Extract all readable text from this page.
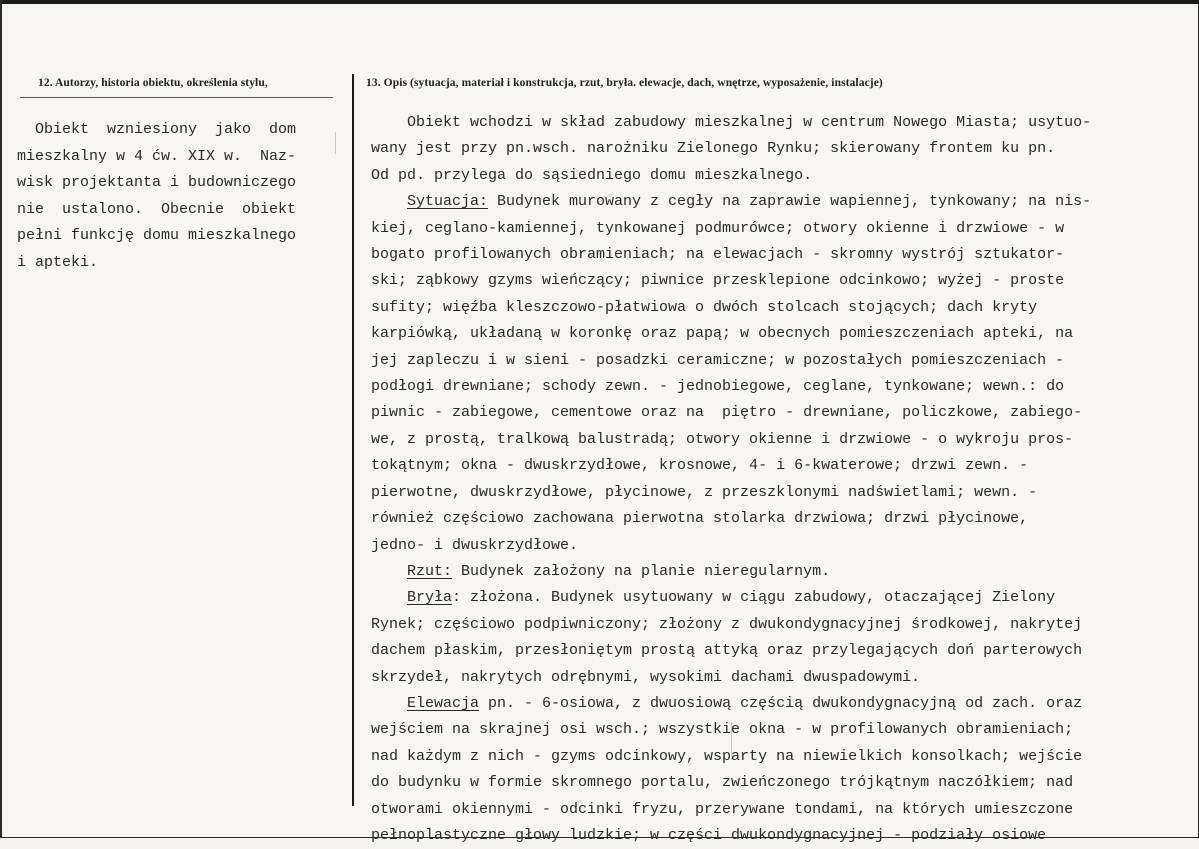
12. Autorzy, historia obiektu, określenia stylu,	13. Opis (sytuacja, materiał i konstrukcja, rzut, bryła. elewacje, dach, wnętrze, wyposażenie, instalacje)
Obiekt  wzniesiony  jako  dom
mieszkalny w 4 ćw. XIX w.  Naz-
wisk projektanta i budowniczego
nie  ustalono.  Obecnie  obiekt
pełni funkcję domu mieszkalnego
i apteki.
Obiekt wchodzi w skład zabudowy mieszkalnej w centrum Nowego Miasta; usytuo-
wany jest przy pn.wsch. narożniku Zielonego Rynku; skierowany frontem ku pn.
Od pd. przylega do sąsiedniego domu mieszkalnego.
Sytuacja: Budynek murowany z cegły na zaprawie wapiennej, tynkowany; na nis-
kiej, ceglano-kamiennej, tynkowanej podmurówce; otwory okienne i drzwiowe - w
bogato profilowanych obramieniach; na elewacjach - skromny wystrój sztukator-
ski; ząbkowy gzyms wieńczący; piwnice przesklepione odcinkowo; wyżej - proste
sufity; więźba kleszczowo-płatwiowa o dwóch stolcach stojących; dach kryty
karpiówką, układaną w koronkę oraz papą; w obecnych pomieszczeniach apteki, na
jej zapleczu i w sieni - posadzki ceramiczne; w pozostałych pomieszczeniach -
podłogi drewniane; schody zewn. - jednobiegowe, ceglane, tynkowane; wewn.: do
piwnic - zabiegowe, cementowe oraz na  piętro - drewniane, policzkowe, zabiego-
we, z prostą, tralkową balustradą; otwory okienne i drzwiowe - o wykroju pros-
tokątnym; okna - dwuskrzydłowe, krosnowe, 4- i 6-kwaterowe; drzwi zewn. -
pierwotne, dwuskrzydłowe, płycinowe, z przeszklonymi nadświetlami; wewn. -
również częściowo zachowana pierwotna stolarka drzwiowa; drzwi płycinowe,
jedno- i dwuskrzydłowe.
Rzut: Budynek założony na planie nieregularnym.
Bryła: złożona. Budynek usytuowany w ciągu zabudowy, otaczającej Zielony
Rynek; częściowo podpiwniczony; złożony z dwukondygnacyjnej środkowej, nakrytej
dachem płaskim, przesłoniętym prostą attyką oraz przylegających doń parterowych
skrzydeł, nakrytych odrębnymi, wysokimi dachami dwuspadowymi.
Elewacja pn. - 6-osiowa, z dwuosiową częścią dwukondygnacyjną od zach. oraz
wejściem na skrajnej osi wsch.; wszystkie okna - w profilowanych obramieniach;
nad każdym z nich - gzyms odcinkowy, wsparty na niewielkich konsolkach; wejście
do budynku w formie skromnego portalu, zwieńczonego trójkątnym naczółkiem; nad
otworami okiennymi - odcinki fryzu, przerywane tondami, na których umieszczone
pełnoplastyczne głowy ludzkie; w części dwukondygnacyjnej - podziały osiowe
